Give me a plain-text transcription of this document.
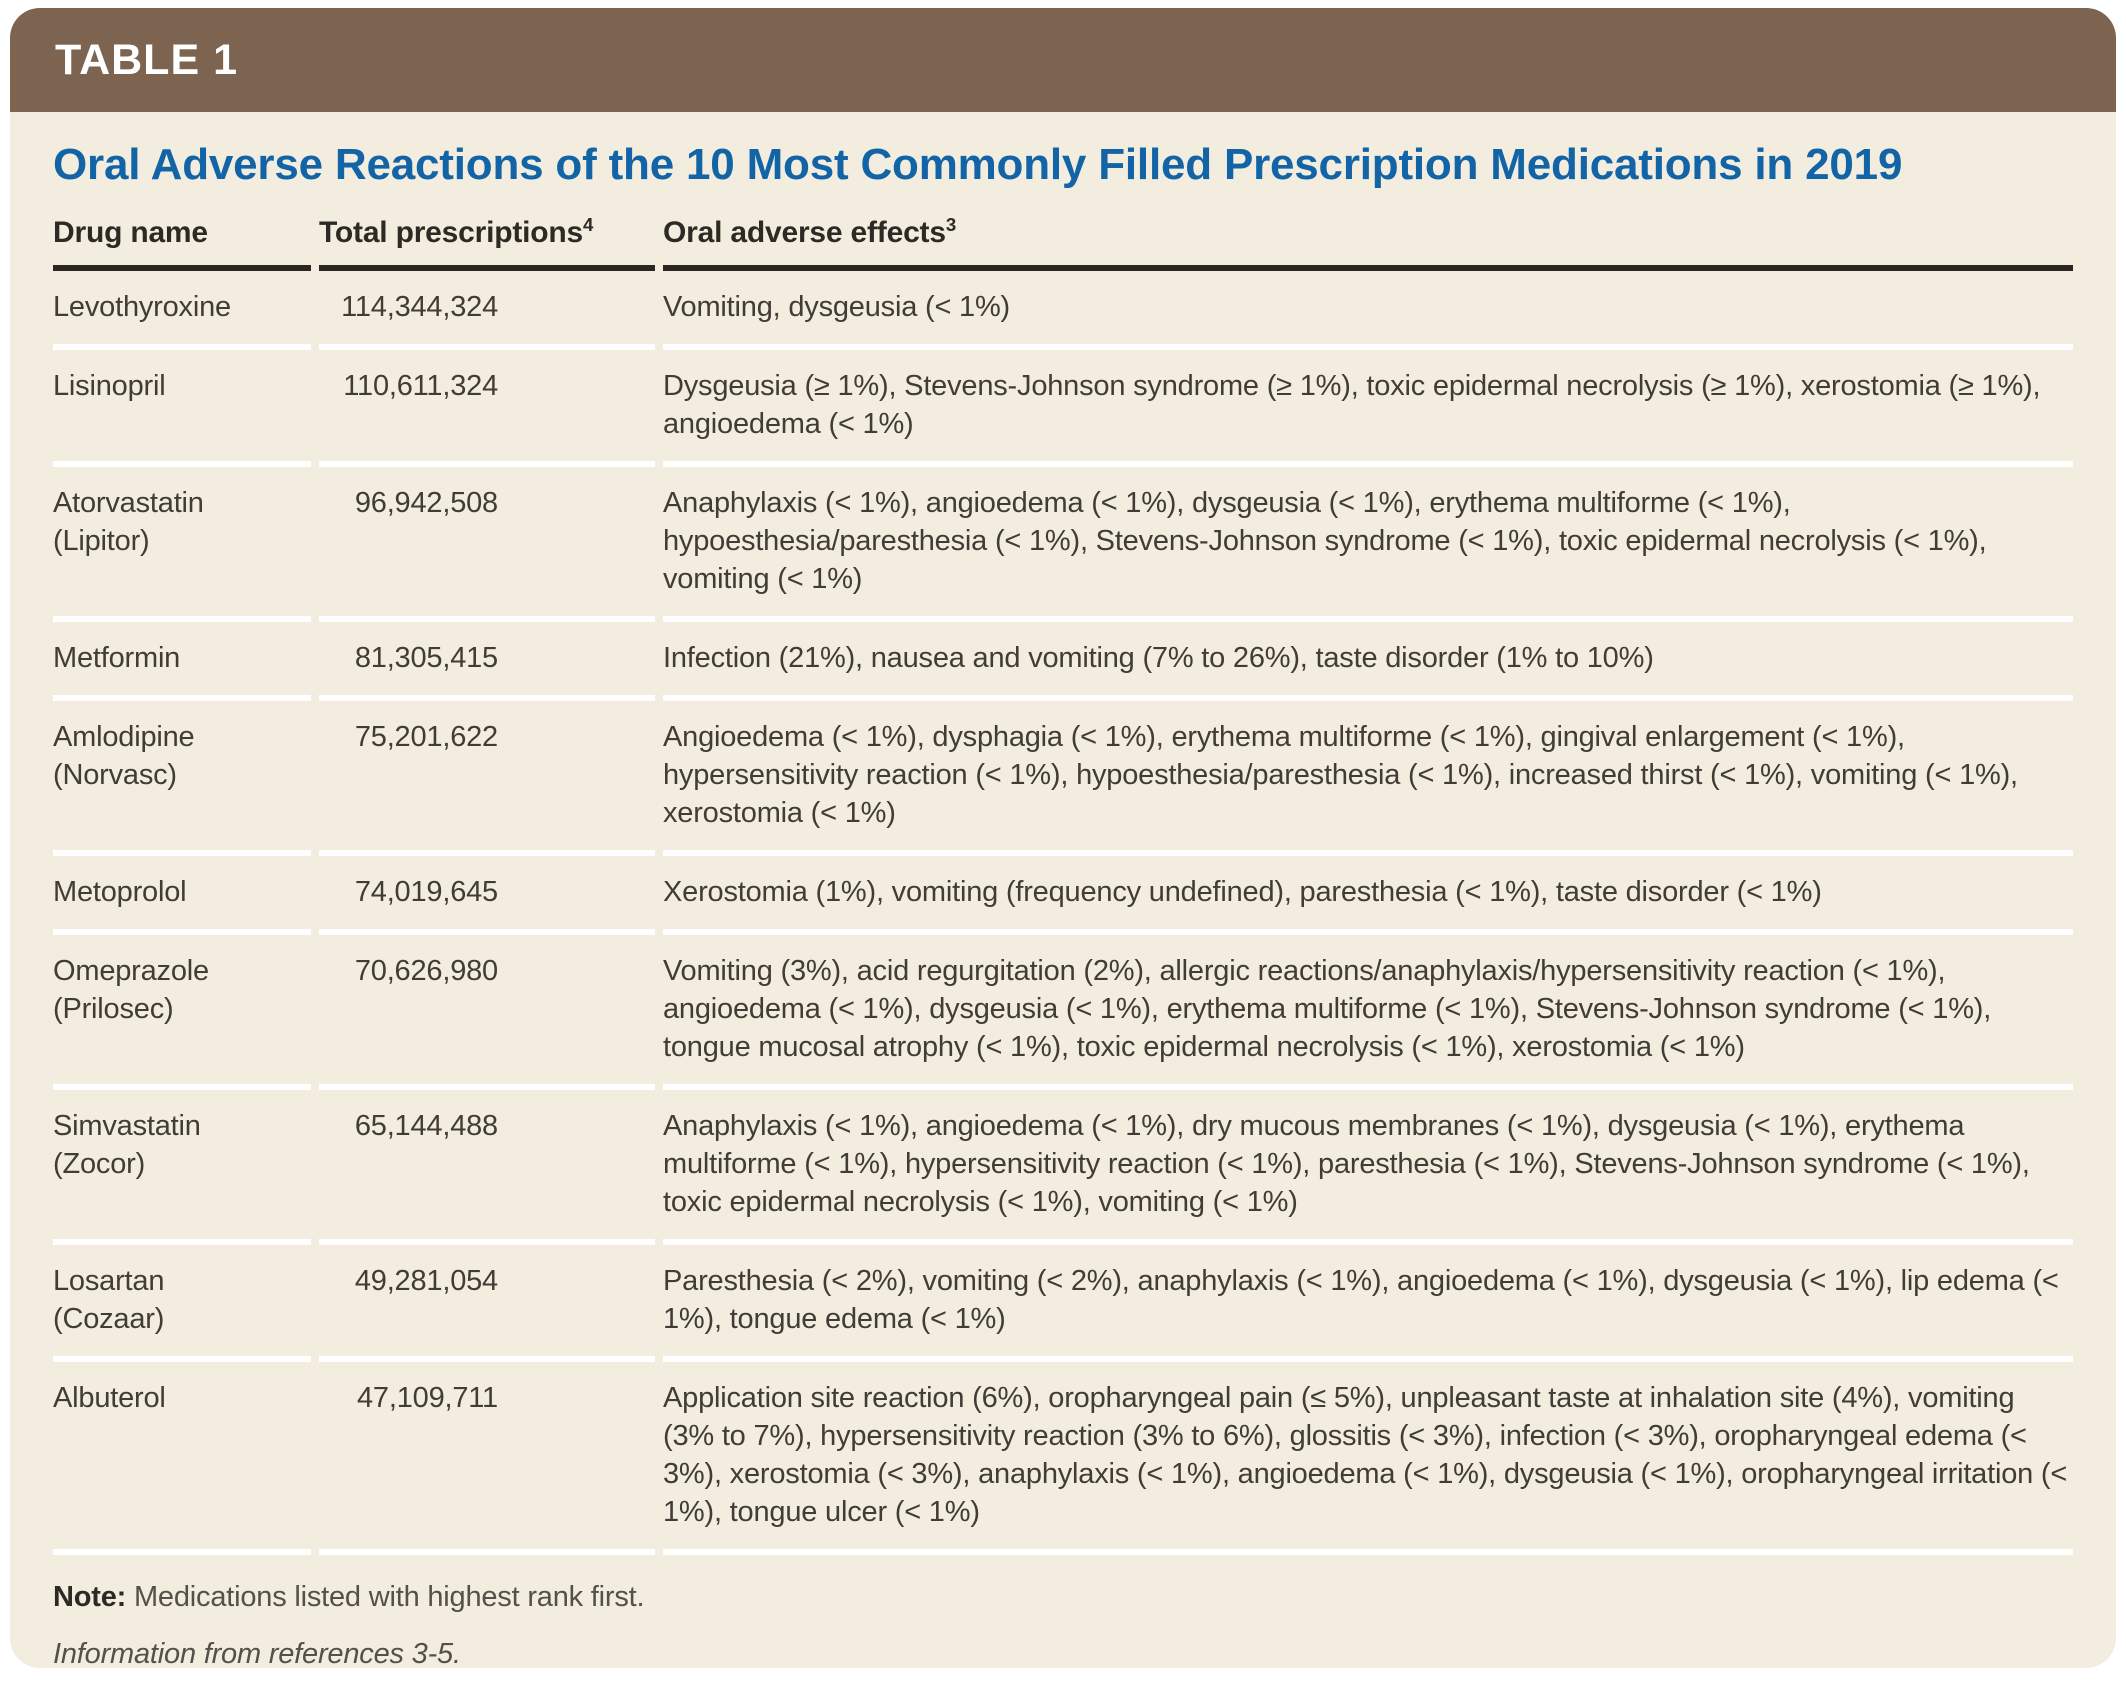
TABLE 1
Oral Adverse Reactions of the 10 Most Commonly Filled Prescription Medications in 2019
Drug name	Total prescriptions$^4$	Oral adverse effects$^3$

Levothyroxine	114,344,324	Vomiting, dysgeusia (< 1%)

Lisinopril	110,611,324	Dysgeusia (≥ 1%), Stevens-Johnson syndrome (≥ 1%), toxic epidermal necrolysis (≥ 1%), xerostomia (≥ 1%), angioedema (< 1%)

Atorvastatin
(Lipitor)	96,942,508	Anaphylaxis (< 1%), angioedema (< 1%), dysgeusia (< 1%), erythema multiforme (< 1%), hypoesthesia/paresthesia (< 1%), Stevens-Johnson syndrome (< 1%), toxic epidermal necrolysis (< 1%), vomiting (< 1%)

Metformin	81,305,415	Infection (21%), nausea and vomiting (7% to 26%), taste disorder (1% to 10%)

Amlodipine
(Norvasc)	75,201,622	Angioedema (< 1%), dysphagia (< 1%), erythema multiforme (< 1%), gingival enlargement (< 1%), hypersensitivity reaction (< 1%), hypoesthesia/paresthesia (< 1%), increased thirst (< 1%), vomiting (< 1%), xerostomia (< 1%)

Metoprolol	74,019,645	Xerostomia (1%), vomiting (frequency undefined), paresthesia (< 1%), taste disorder (< 1%)

Omeprazole
(Prilosec)	70,626,980	Vomiting (3%), acid regurgitation (2%), allergic reactions/anaphylaxis/hypersensitivity reaction (< 1%), angioedema (< 1%), dysgeusia (< 1%), erythema multiforme (< 1%), Stevens-Johnson syndrome (< 1%), tongue mucosal atrophy (< 1%), toxic epidermal necrolysis (< 1%), xerostomia (< 1%)

Simvastatin
(Zocor)	65,144,488	Anaphylaxis (< 1%), angioedema (< 1%), dry mucous membranes (< 1%), dysgeusia (< 1%), erythema multiforme (< 1%), hypersensitivity reaction (< 1%), paresthesia (< 1%), Stevens-Johnson syndrome (< 1%), toxic epidermal necrolysis (< 1%), vomiting (< 1%)

Losartan
(Cozaar)	49,281,054	Paresthesia (< 2%), vomiting (< 2%), anaphylaxis (< 1%), angioedema (< 1%), dysgeusia (< 1%), lip edema (< 1%), tongue edema (< 1%)

Albuterol	47,109,711	Application site reaction (6%), oropharyngeal pain (≤ 5%), unpleasant taste at inhalation site (4%), vomiting (3% to 7%), hypersensitivity reaction (3% to 6%), glossitis (< 3%), infection (< 3%), oropharyngeal edema (< 3%), xerostomia (< 3%), anaphylaxis (< 1%), angioedema (< 1%), dysgeusia (< 1%), oropharyngeal irritation (< 1%), tongue ulcer (< 1%)

Note: Medications listed with highest rank first.

Information from references 3-5.
